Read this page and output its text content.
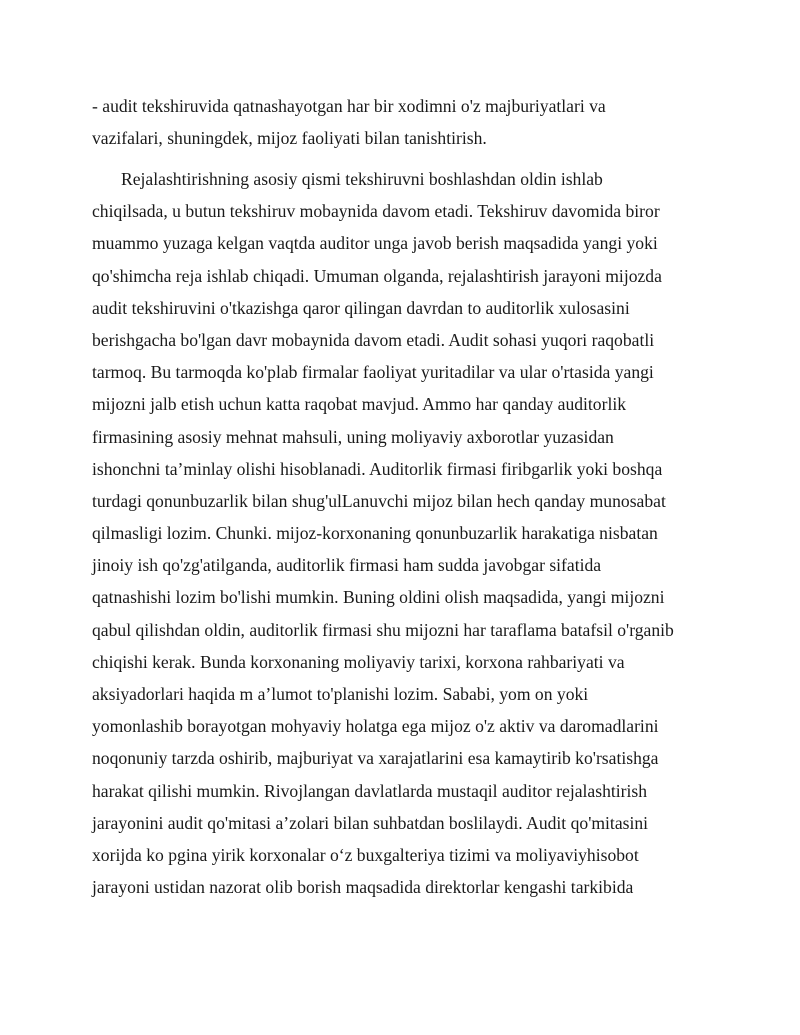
- audit tekshiruvida qatnashayotgan har bir xodimni o'z majburiyatlari va
vazifalari, shuningdek, mijoz faoliyati bilan tanishtirish.
Rejalashtirishning asosiy qismi tekshiruvni boshlashdan oldin ishlab
chiqilsada, u butun tekshiruv mobaynida davom etadi. Tekshiruv davomida biror
muammo yuzaga kelgan vaqtda auditor unga javob berish maqsadida yangi yoki
qo'shimcha reja ishlab chiqadi. Umuman olganda, rejalashtirish jarayoni mijozda
audit tekshiruvini o'tkazishga qaror qilingan davrdan to auditorlik xulosasini
berishgacha bo'lgan davr mobaynida davom etadi. Audit sohasi yuqori raqobatli
tarmoq. Bu tarmoqda ko'plab firmalar faoliyat yuritadilar va ular o'rtasida yangi
mijozni jalb etish uchun katta raqobat mavjud. Ammo har qanday auditorlik
firmasining asosiy mehnat mahsuli, uning moliyaviy axborotlar yuzasidan
ishonchni ta’minlay olishi hisoblanadi. Auditorlik firmasi firibgarlik yoki boshqa
turdagi qonunbuzarlik bilan shug'ulLanuvchi mijoz bilan hech qanday munosabat
qilmasligi lozim. Chunki. mijoz-korxonaning qonunbuzarlik harakatiga nisbatan
jinoiy ish qo'zg'atilganda, auditorlik firmasi ham sudda javobgar sifatida
qatnashishi lozim bo'lishi mumkin. Buning oldini olish maqsadida, yangi mijozni
qabul qilishdan oldin, auditorlik firmasi shu mijozni har taraflama batafsil o'rganib
chiqishi kerak. Bunda korxonaning moliyaviy tarixi, korxona rahbariyati va
aksiyadorlari haqida m a’lumot to'planishi lozim. Sababi, yom on yoki
yomonlashib borayotgan mohyaviy holatga ega mijoz o'z aktiv va daromadlarini
noqonuniy tarzda oshirib, majburiyat va xarajatlarini esa kamaytirib ko'rsatishga
harakat qilishi mumkin. Rivojlangan davlatlarda mustaqil auditor rejalashtirish
jarayonini audit qo'mitasi a’zolari bilan suhbatdan boslilaydi. Audit qo'mitasini
xorijda ko pgina yirik korxonalar o‘z buxgalteriya tizimi va moliyaviyhisobot
jarayoni ustidan nazorat olib borish maqsadida direktorlar kengashi tarkibida
